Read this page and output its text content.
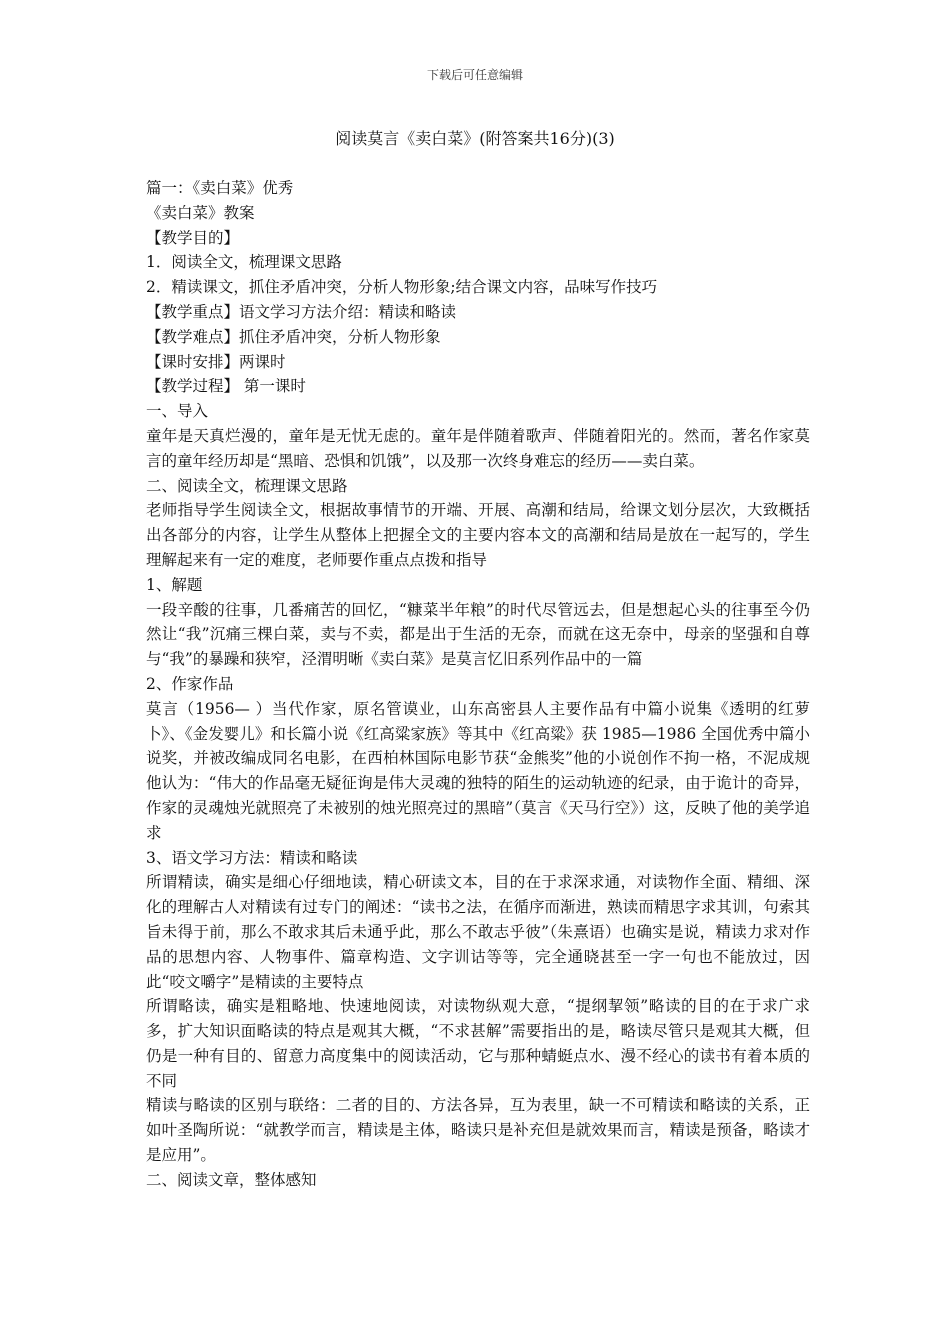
下载后可任意编辑
阅读莫言《卖白菜》(附答案共16分)(3)
篇一：《卖白菜》优秀
《卖白菜》教案
【教学目的】
1．阅读全文，梳理课文思路
2．精读课文，抓住矛盾冲突，分析人物形象;结合课文内容，品味写作技巧
【教学重点】语文学习方法介绍：精读和略读
【教学难点】抓住矛盾冲突，分析人物形象
【课时安排】两课时
【教学过程】 第一课时
一、导入
童年是天真烂漫的，童年是无忧无虑的。童年是伴随着歌声、伴随着阳光的。然而，著名作家莫言的童年经历却是“黑暗、恐惧和饥饿”，以及那一次终身难忘的经历——卖白菜。
二、阅读全文，梳理课文思路
老师指导学生阅读全文，根据故事情节的开端、开展、高潮和结局，给课文划分层次，大致概括出各部分的内容，让学生从整体上把握全文的主要内容本文的高潮和结局是放在一起写的，学生理解起来有一定的难度，老师要作重点点拨和指导
1、解题
一段辛酸的往事，几番痛苦的回忆，“糠菜半年粮”的时代尽管远去，但是想起心头的往事至今仍然让“我”沉痛三棵白菜，卖与不卖，都是出于生活的无奈，而就在这无奈中，母亲的坚强和自尊与“我”的暴躁和狭窄，泾渭明晰《卖白菜》是莫言忆旧系列作品中的一篇
2、作家作品
莫言（1956— ）当代作家，原名管谟业，山东高密县人主要作品有中篇小说集《透明的红萝卜》、《金发婴儿》和长篇小说《红高粱家族》等其中《红高粱》获 1985—1986 全国优秀中篇小说奖，并被改编成同名电影，在西柏林国际电影节获“金熊奖”他的小说创作不拘一格，不泥成规他认为：“伟大的作品毫无疑征询是伟大灵魂的独特的陌生的运动轨迹的纪录，由于诡计的奇异，作家的灵魂烛光就照亮了未被别的烛光照亮过的黑暗”（莫言《天马行空》）这，反映了他的美学追求
3、语文学习方法：精读和略读
所谓精读，确实是细心仔细地读，精心研读文本，目的在于求深求通，对读物作全面、精细、深化的理解古人对精读有过专门的阐述：“读书之法，在循序而渐进，熟读而精思字求其训，句索其旨未得于前，那么不敢求其后未通乎此，那么不敢志乎彼”（朱熹语）也确实是说，精读力求对作品的思想内容、人物事件、篇章构造、文字训诂等等，完全通晓甚至一字一句也不能放过，因此“咬文嚼字”是精读的主要特点
所谓略读，确实是粗略地、快速地阅读，对读物纵观大意，“提纲挈领”略读的目的在于求广求多，扩大知识面略读的特点是观其大概，“不求甚解”需要指出的是，略读尽管只是观其大概，但仍是一种有目的、留意力高度集中的阅读活动，它与那种蜻蜓点水、漫不经心的读书有着本质的不同
精读与略读的区别与联络：二者的目的、方法各异，互为表里，缺一不可精读和略读的关系，正如叶圣陶所说：“就教学而言，精读是主体，略读只是补充但是就效果而言，精读是预备，略读才是应用”。
二、阅读文章，整体感知
